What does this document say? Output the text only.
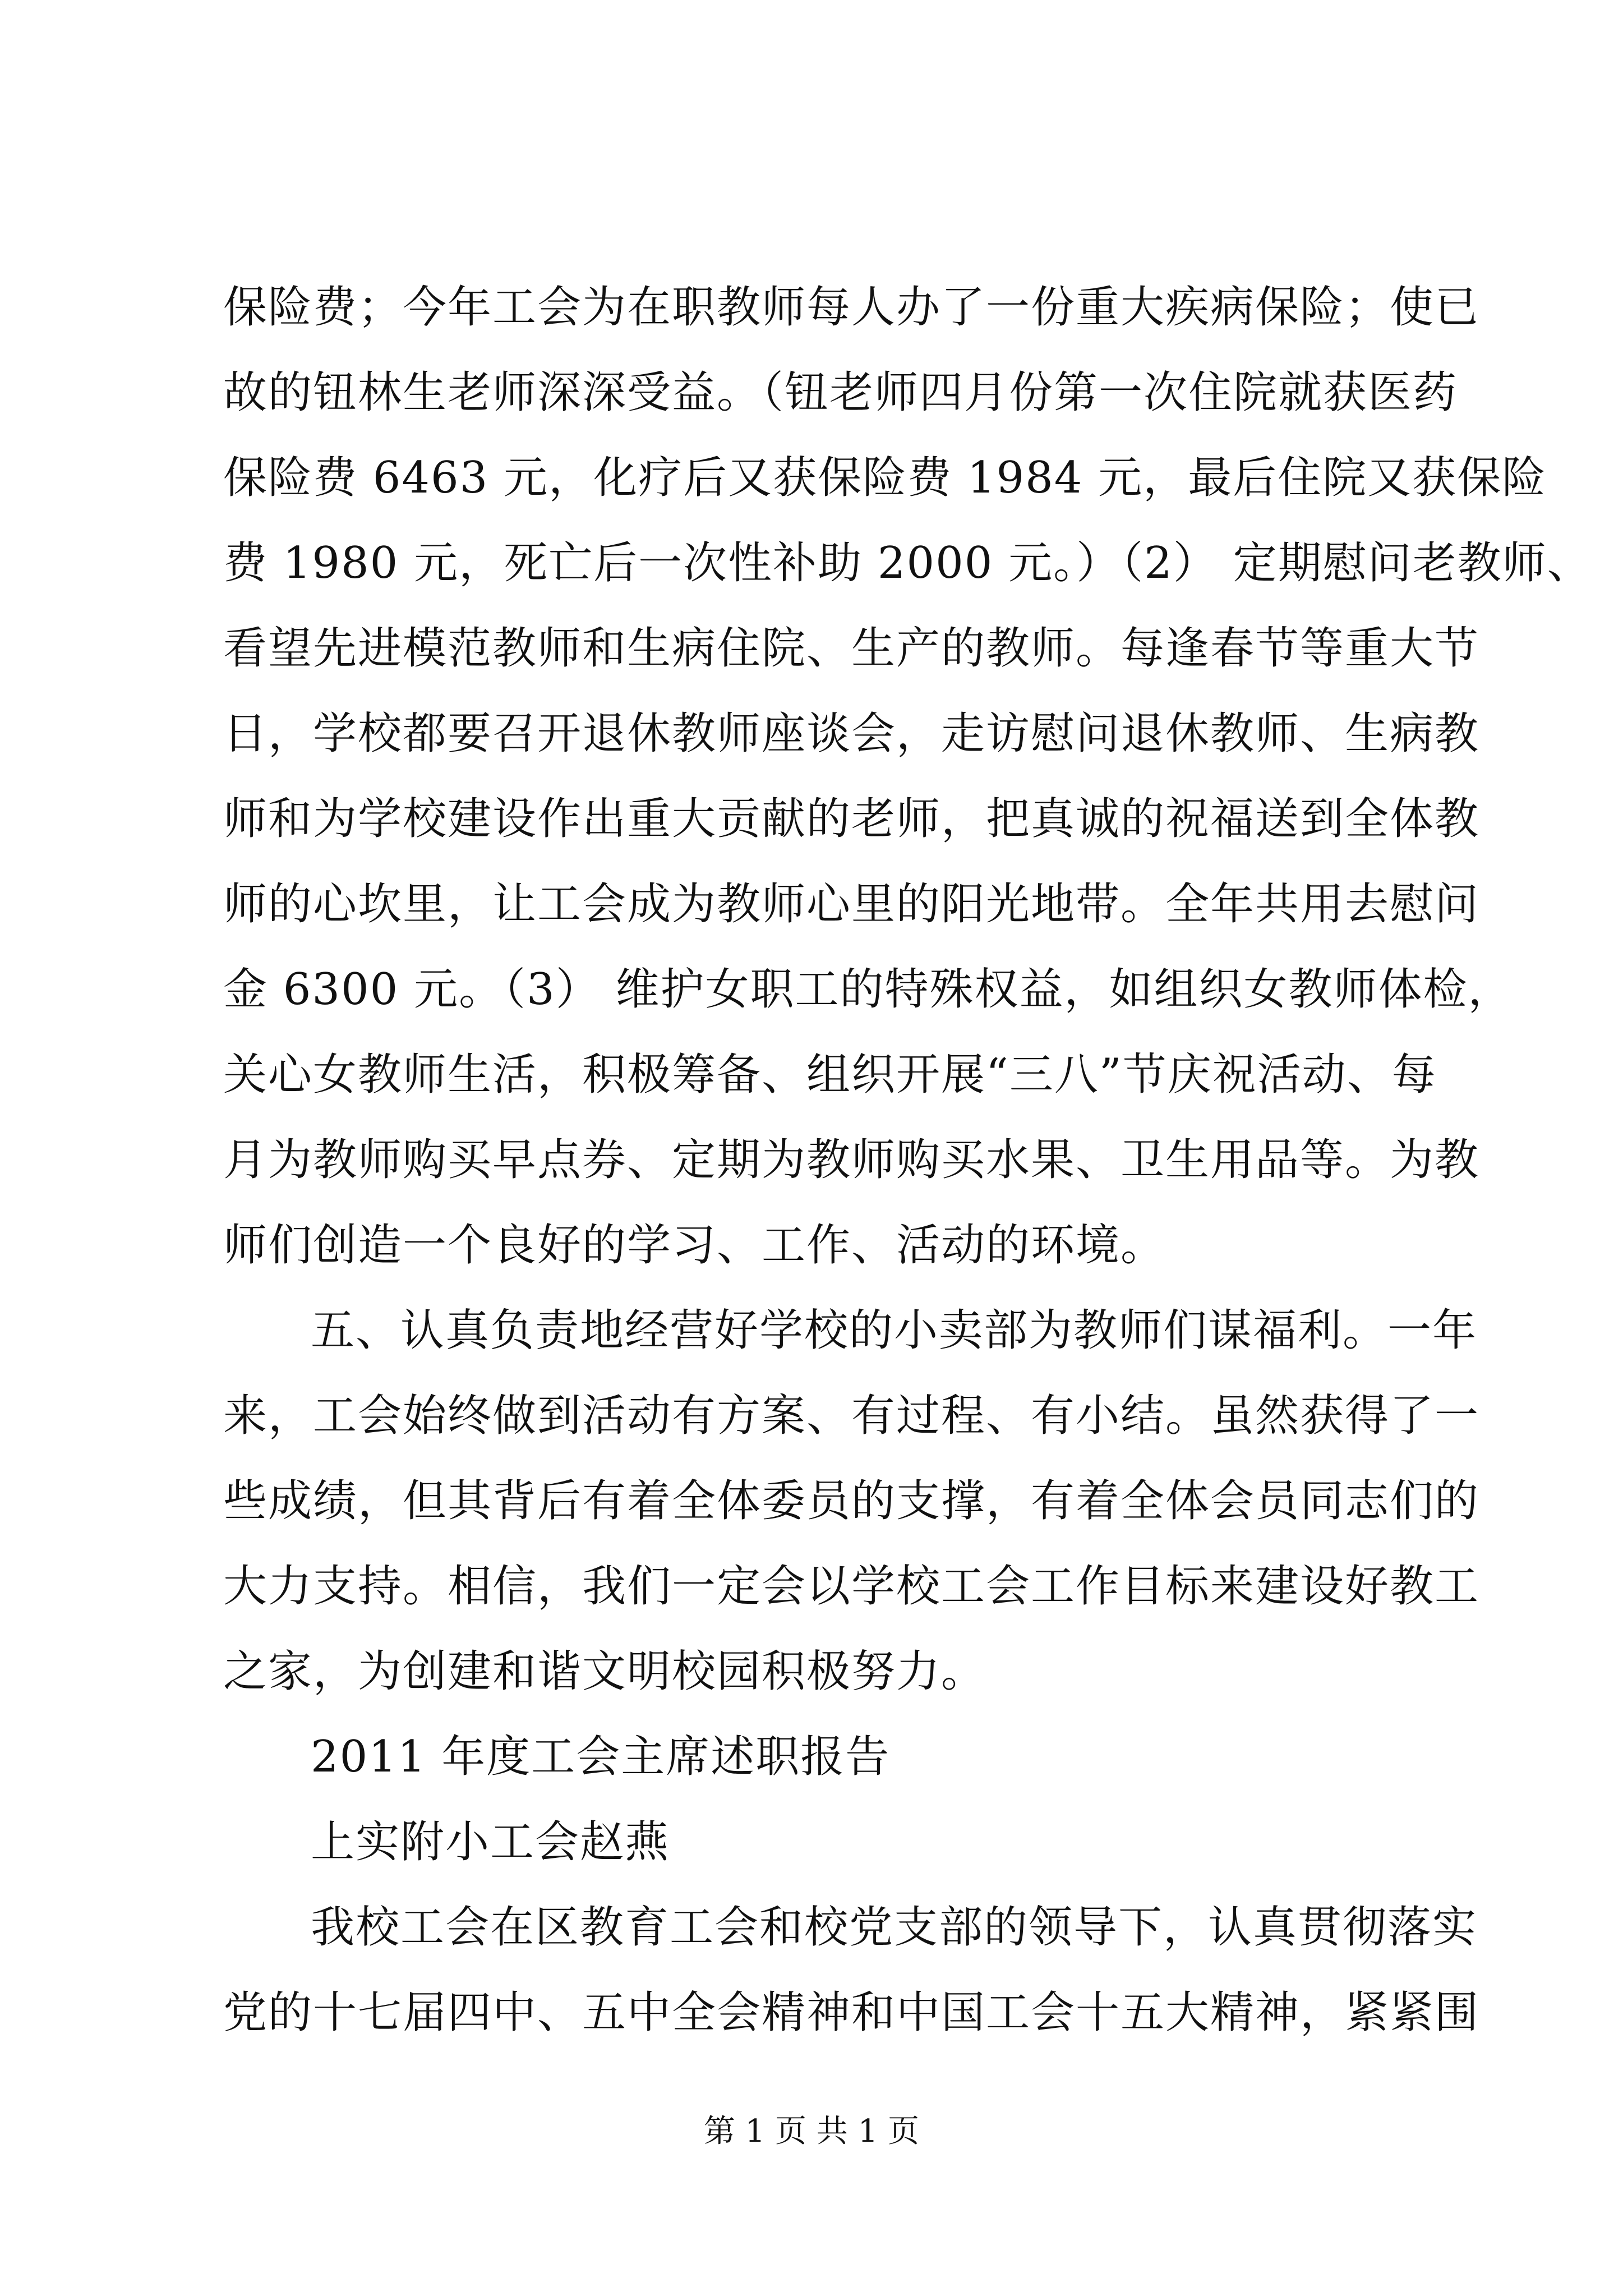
保险费；今年工会为在职教师每人办了一份重大疾病保险；使已
故的钮林生老师深深受益。（钮老师四月份第一次住院就获医药
保险费 6463 元，化疗后又获保险费 1984 元，最后住院又获保险
费 1980 元，死亡后一次性补助 2000 元。）（2） 定期慰问老教师、
看望先进模范教师和生病住院、生产的教师。每逢春节等重大节
日，学校都要召开退休教师座谈会，走访慰问退休教师、生病教
师和为学校建设作出重大贡献的老师，把真诚的祝福送到全体教
师的心坎里，让工会成为教师心里的阳光地带。全年共用去慰问
金 6300 元。（3） 维护女职工的特殊权益，如组织女教师体检，
关心女教师生活，积极筹备、组织开展“三八”节庆祝活动、每
月为教师购买早点券、定期为教师购买水果、卫生用品等。为教
师们创造一个良好的学习、工作、活动的环境。
五、认真负责地经营好学校的小卖部为教师们谋福利。一年
来，工会始终做到活动有方案、有过程、有小结。虽然获得了一
些成绩，但其背后有着全体委员的支撑，有着全体会员同志们的
大力支持。相信，我们一定会以学校工会工作目标来建设好教工
之家，为创建和谐文明校园积极努力。
2011 年度工会主席述职报告
上实附小工会赵燕
我校工会在区教育工会和校党支部的领导下，认真贯彻落实
党的十七届四中、五中全会精神和中国工会十五大精神，紧紧围
第 1 页 共 1 页
